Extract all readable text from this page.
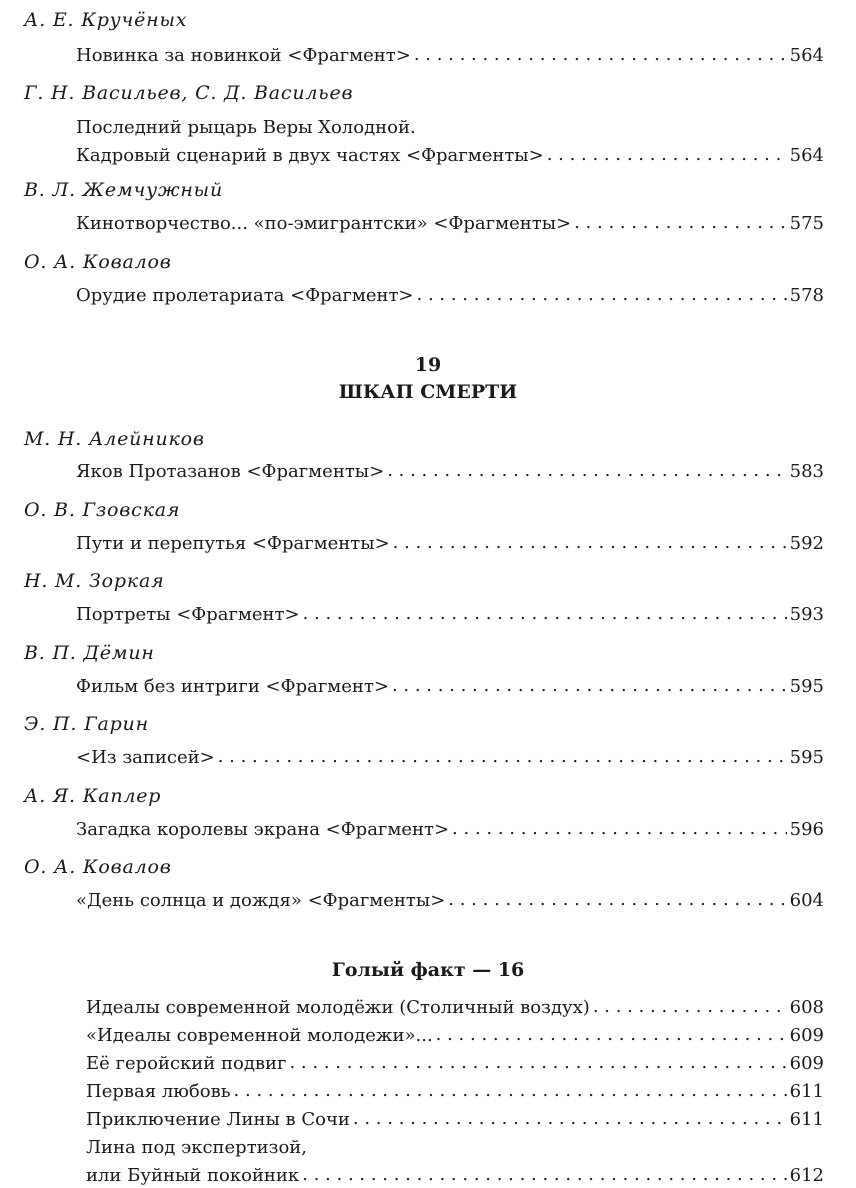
А. Е. Кручёных
Новинка за новинкой <Фрагмент> . . .	564
Г. Н. Васильев, С. Д. Васильев
Последний рыцарь Веры Холодной.
Кадровый сценарий в двух частях <Фрагменты> . . .	564
В. Л. Жемчужный
Кинотворчество... «по-эмигрантски» <Фрагменты> . . .	575
О. А. Ковалов
Орудие пролетариата <Фрагмент> . . .	578
19
ШКАП СМЕРТИ
М. Н. Алейников
Яков Протазанов <Фрагменты> . . .	583
О. В. Гзовская
Пути и перепутья <Фрагменты> . . .	592
Н. М. Зоркая
Портреты <Фрагмент> . . .	593
В. П. Дёмин
Фильм без интриги <Фрагмент> . . .	595
Э. П. Гарин
<Из записей> . . .	595
А. Я. Каплер
Загадка королевы экрана <Фрагмент> . . .	596
О. А. Ковалов
«День солнца и дождя» <Фрагменты> . . .	604
Голый факт — 16
Идеалы современной молодёжи (Столичный воздух) . . .	608
«Идеалы современной молодежи»... . . .	609
Её геройский подвиг . . .	609
Первая любовь . . .	611
Приключение Лины в Сочи . . .	611
Лина под экспертизой,
или Буйный покойник . . .	612
